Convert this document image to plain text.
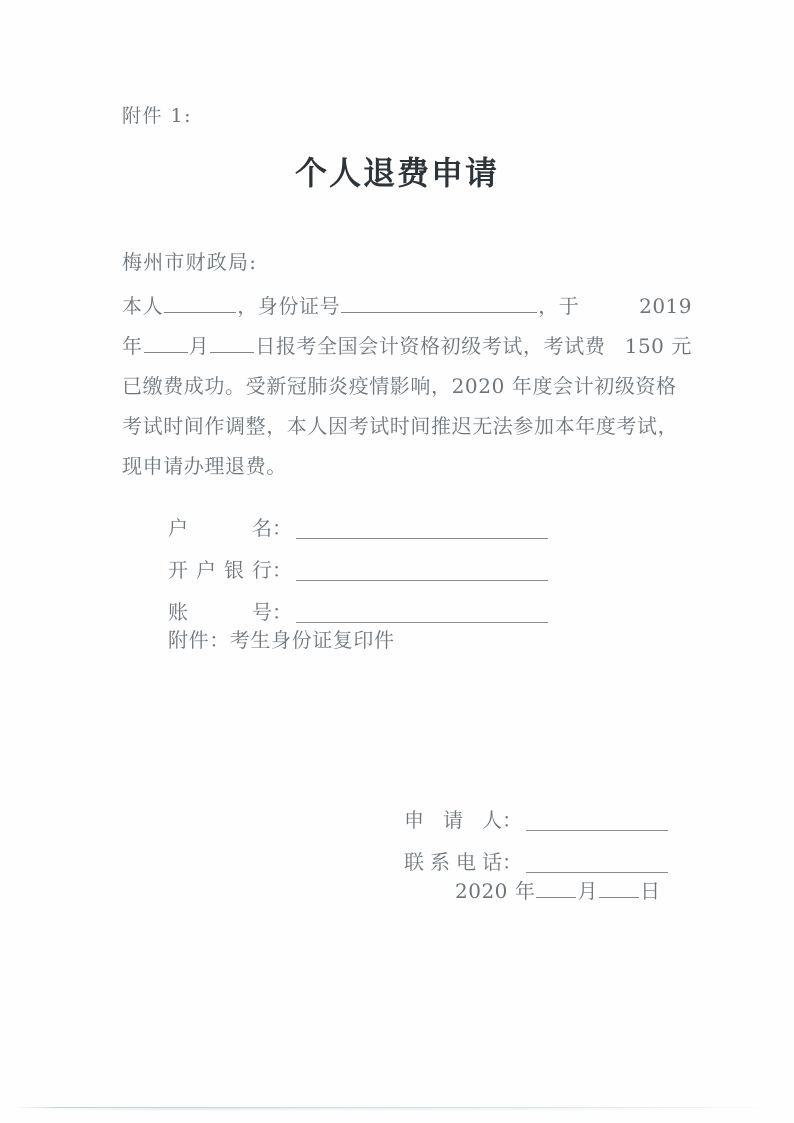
附件 1:
个人退费申请
梅州市财政局:
本人	，身份证号	，于	2019
年 月 日报考全国会计资格初级考试，考试费 150 元
已缴费成功。受新冠肺炎疫情影响，2020 年度会计初级资格
考试时间作调整，本人因考试时间推迟无法参加本年度考试，
现申请办理退费。
户名 ：
开户银行 ：
账号 ：
附件：考生身份证复印件
申请人 ：
联系电话 ：
2020 年 月 日
